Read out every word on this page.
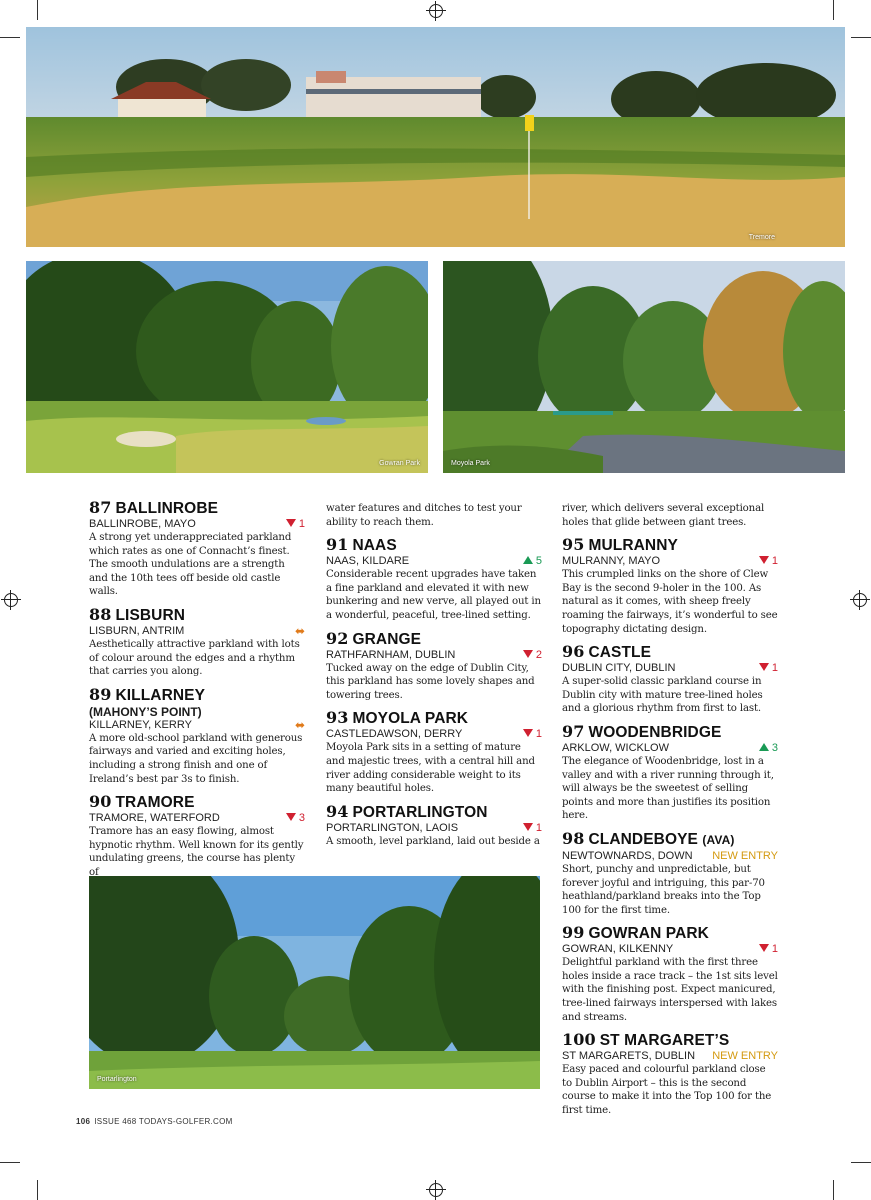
Tremore
Gowran Park	Moyola Park
Portarlington
87 BALLINROBE
BALLINROBE, MAYO	1

A strong yet underappreciated parkland which rates as one of Connacht’s finest. The smooth undulations are a strength and the 10th tees off beside old castle walls.

88 LISBURN
LISBURN, ANTRIM	⬌

Aesthetically attractive parkland with lots of colour around the edges and a rhythm that carries you along.

89 KILLARNEY
(MAHONY’S POINT)
KILLARNEY, KERRY	⬌

A more old-school parkland with generous fairways and varied and exciting holes, including a strong finish and one of Ireland’s best par 3s to finish.

90 TRAMORE
TRAMORE, WATERFORD	3

Tramore has an easy flowing, almost hypnotic rhythm. Well known for its gently undulating greens, the course has plenty of

water features and ditches to test your ability to reach them.

91 NAAS
NAAS, KILDARE	5

Considerable recent upgrades have taken a fine parkland and elevated it with new bunkering and new verve, all played out in a wonderful, peaceful, tree-lined setting.

92 GRANGE
RATHFARNHAM, DUBLIN	2

Tucked away on the edge of Dublin City, this parkland has some lovely shapes and towering trees.

93 MOYOLA PARK
CASTLEDAWSON, DERRY	1

Moyola Park sits in a setting of mature and majestic trees, with a central hill and river adding considerable weight to its many beautiful holes.

94 PORTARLINGTON
PORTARLINGTON, LAOIS	1

A smooth, level parkland, laid out beside a

river, which delivers several exceptional holes that glide between giant trees.

95 MULRANNY
MULRANNY, MAYO	1

This crumpled links on the shore of Clew Bay is the second 9-holer in the 100. As natural as it comes, with sheep freely roaming the fairways, it’s wonderful to see topography dictating design.

96 CASTLE
DUBLIN CITY, DUBLIN	1

A super-solid classic parkland course in Dublin city with mature tree-lined holes and a glorious rhythm from first to last.

97 WOODENBRIDGE
ARKLOW, WICKLOW	3

The elegance of Woodenbridge, lost in a valley and with a river running through it, will always be the sweetest of selling points and more than justifies its position here.

98 CLANDEBOYE (AVA)
NEWTOWNARDS, DOWN NEW ENTRY

Short, punchy and unpredictable, but forever joyful and intriguing, this par-70 heathland/parkland breaks into the Top 100 for the first time.

99 GOWRAN PARK
GOWRAN, KILKENNY	1

Delightful parkland with the first three holes inside a race track – the 1st sits level with the finishing post. Expect manicured, tree-lined fairways interspersed with lakes and streams.

100 ST MARGARET’S
ST MARGARETS, DUBLIN NEW ENTRY

Easy paced and colourful parkland close to Dublin Airport – this is the second course to make it into the Top 100 for the first time.

106 ISSUE 468 TODAYS-GOLFER.COM
